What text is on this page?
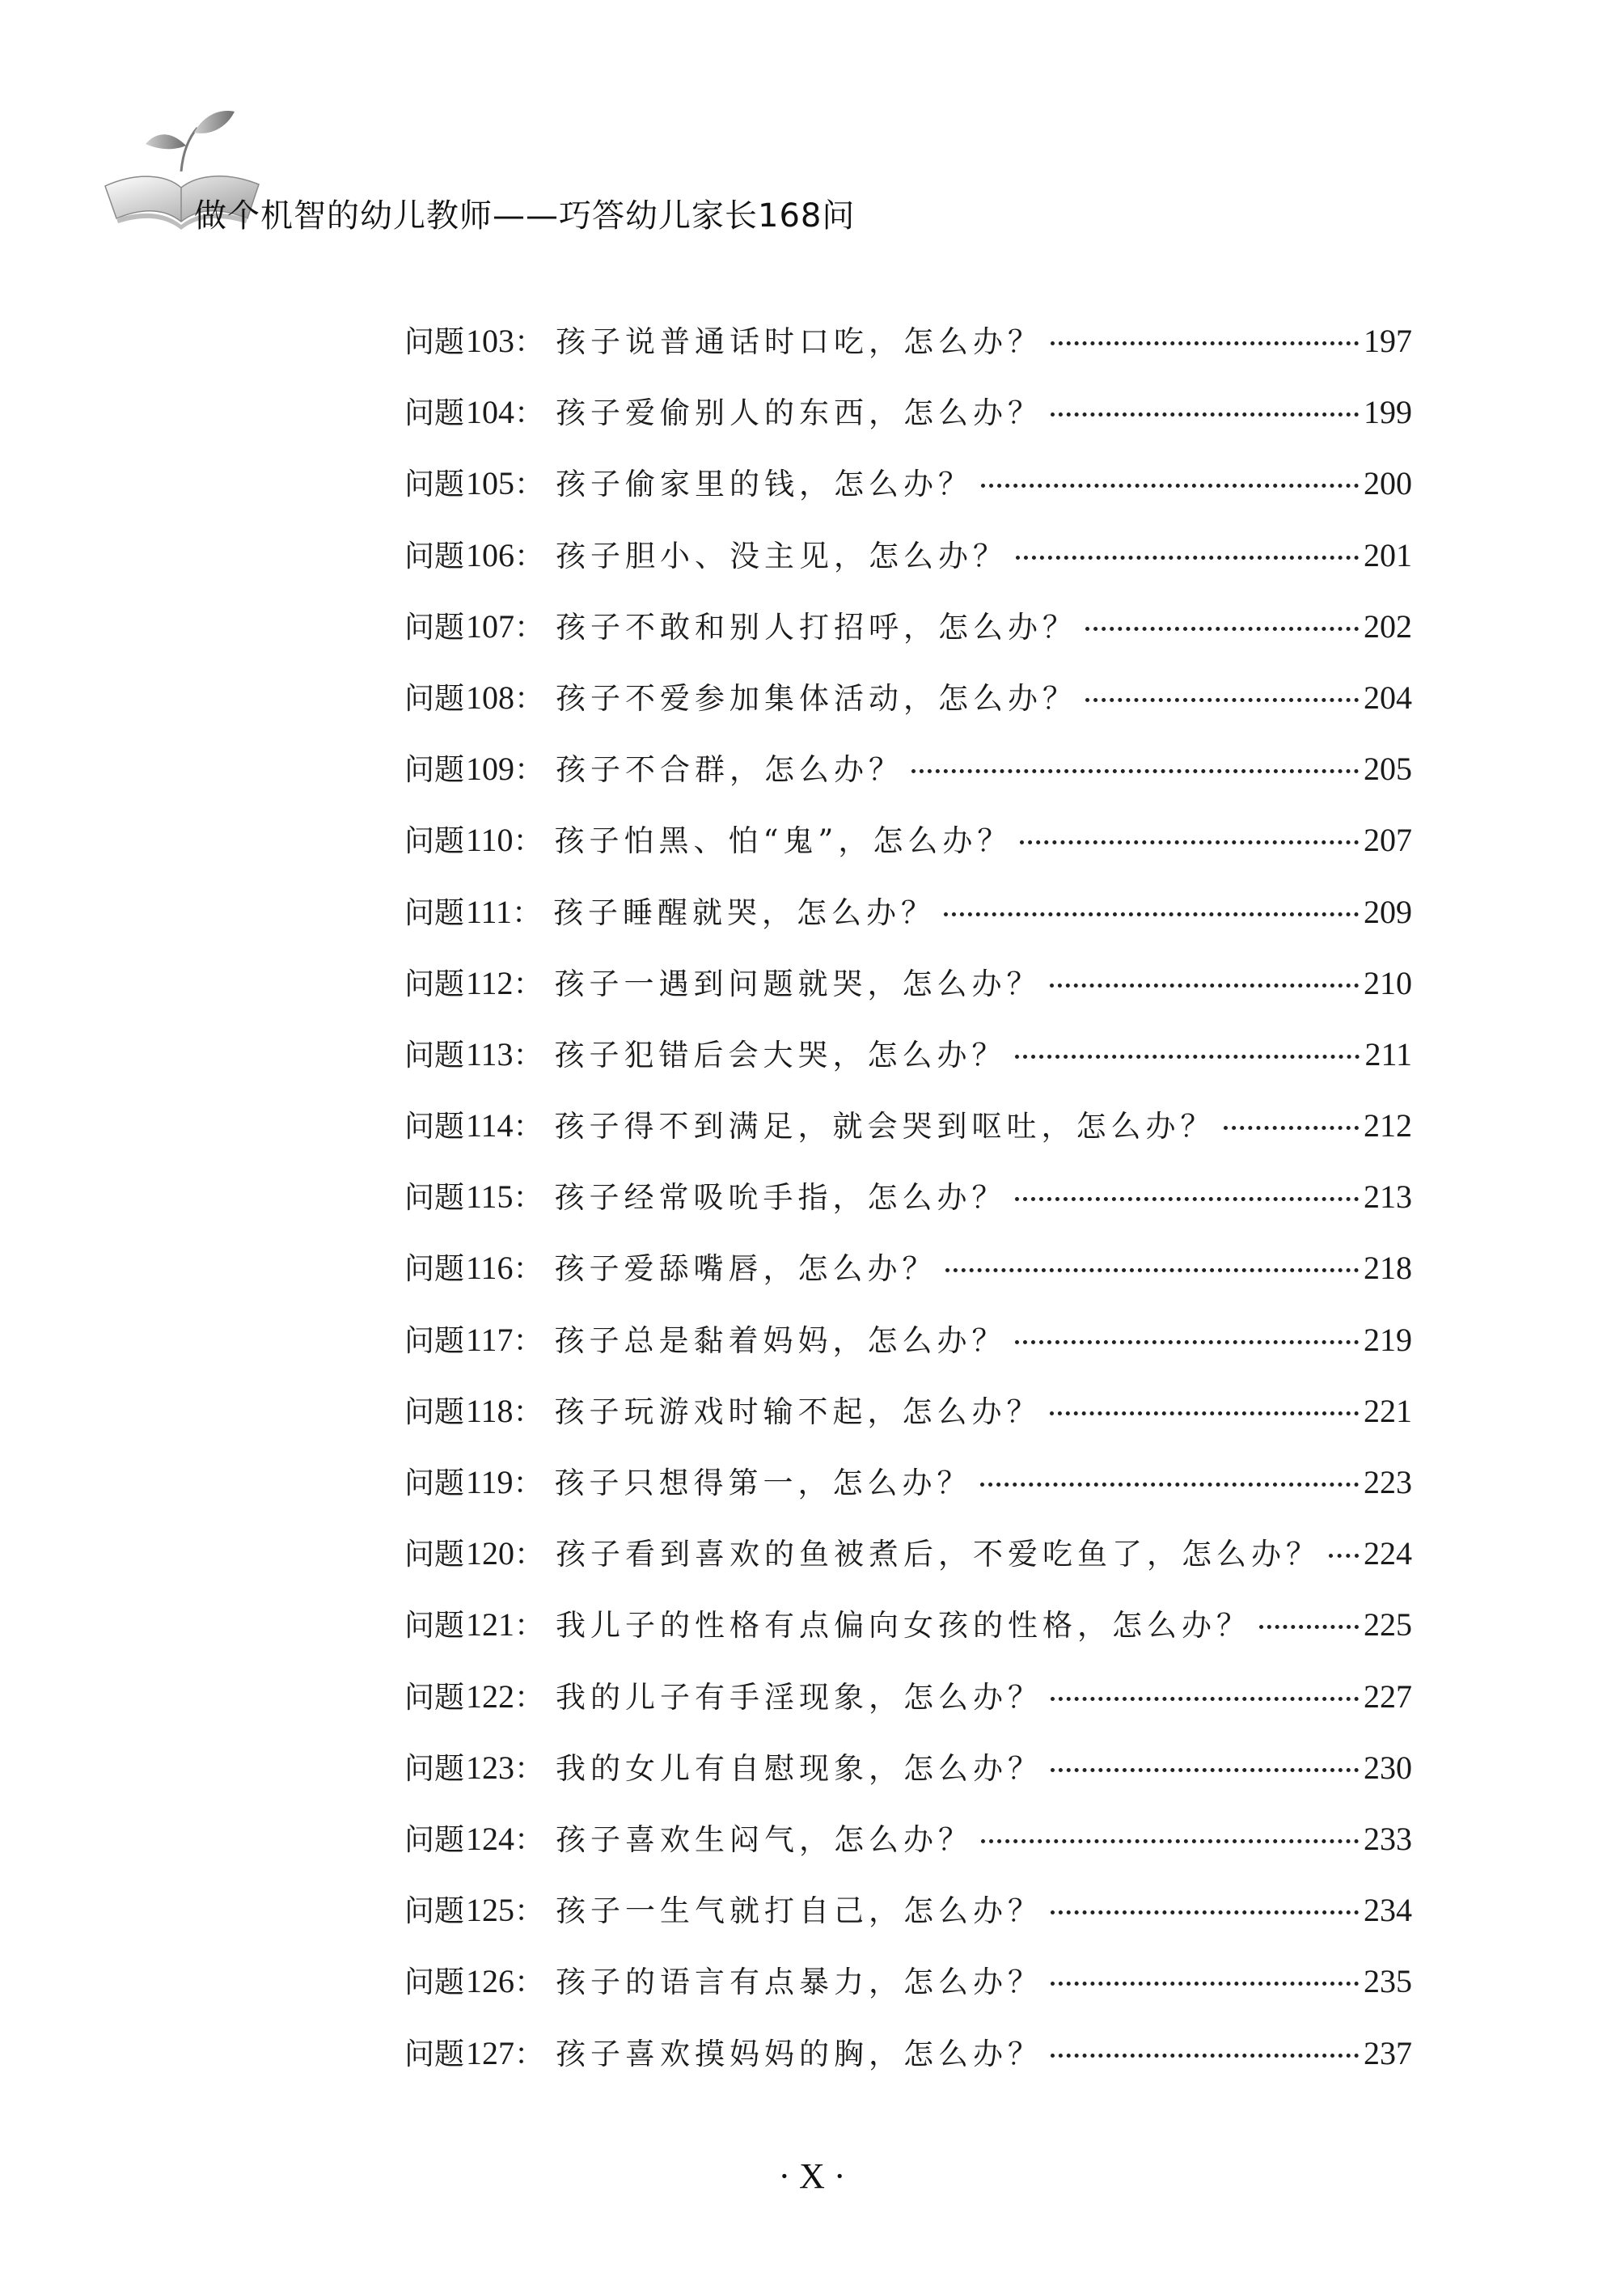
做个机智的幼儿教师——巧答幼儿家长168问
问题 103 ： 孩子说普通话时口吃，怎么办？	197
问题 104 ： 孩子爱偷别人的东西，怎么办？	199
问题 105 ： 孩子偷家里的钱，怎么办？	200
问题 106 ： 孩子胆小、没主见，怎么办？	201
问题 107 ： 孩子不敢和别人打招呼，怎么办？	202
问题 108 ： 孩子不爱参加集体活动，怎么办？	204
问题 109 ： 孩子不合群，怎么办？	205
问题 110 ： 孩子怕黑、怕“鬼”，怎么办？	207
问题 111 ： 孩子睡醒就哭，怎么办？	209
问题 112 ： 孩子一遇到问题就哭，怎么办？	210
问题 113 ： 孩子犯错后会大哭，怎么办？	211
问题 114 ： 孩子得不到满足，就会哭到呕吐，怎么办？	212
问题 115 ： 孩子经常吸吮手指，怎么办？	213
问题 116 ： 孩子爱舔嘴唇，怎么办？	218
问题 117 ： 孩子总是黏着妈妈，怎么办？	219
问题 118 ： 孩子玩游戏时输不起，怎么办？	221
问题 119 ： 孩子只想得第一，怎么办？	223
问题 120 ： 孩子看到喜欢的鱼被煮后，不爱吃鱼了，怎么办？ 224
问题 121 ： 我儿子的性格有点偏向女孩的性格，怎么办？	225
问题 122 ： 我的儿子有手淫现象，怎么办？	227
问题 123 ： 我的女儿有自慰现象，怎么办？	230
问题 124 ： 孩子喜欢生闷气，怎么办？	233
问题 125 ： 孩子一生气就打自己，怎么办？	234
问题 126 ： 孩子的语言有点暴力，怎么办？	235
问题 127 ： 孩子喜欢摸妈妈的胸，怎么办？	237
· X ·
